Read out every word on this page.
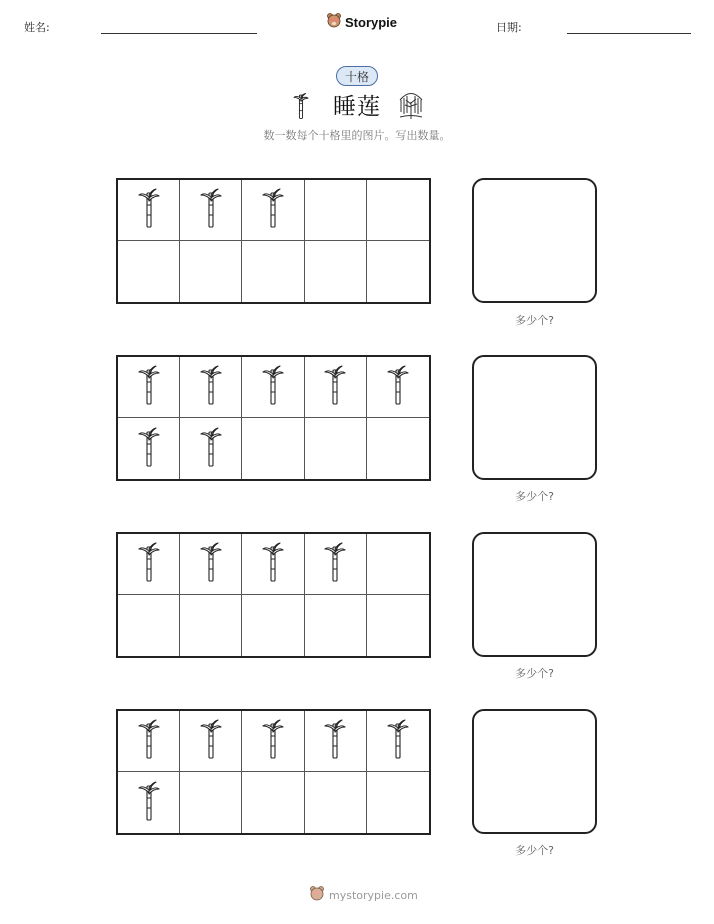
姓名:	Storypie	日期:
十格
睡莲
数一数每个十格里的图片。写出数量。
多少个?
多少个?
多少个?
多少个?
mystorypie.com
